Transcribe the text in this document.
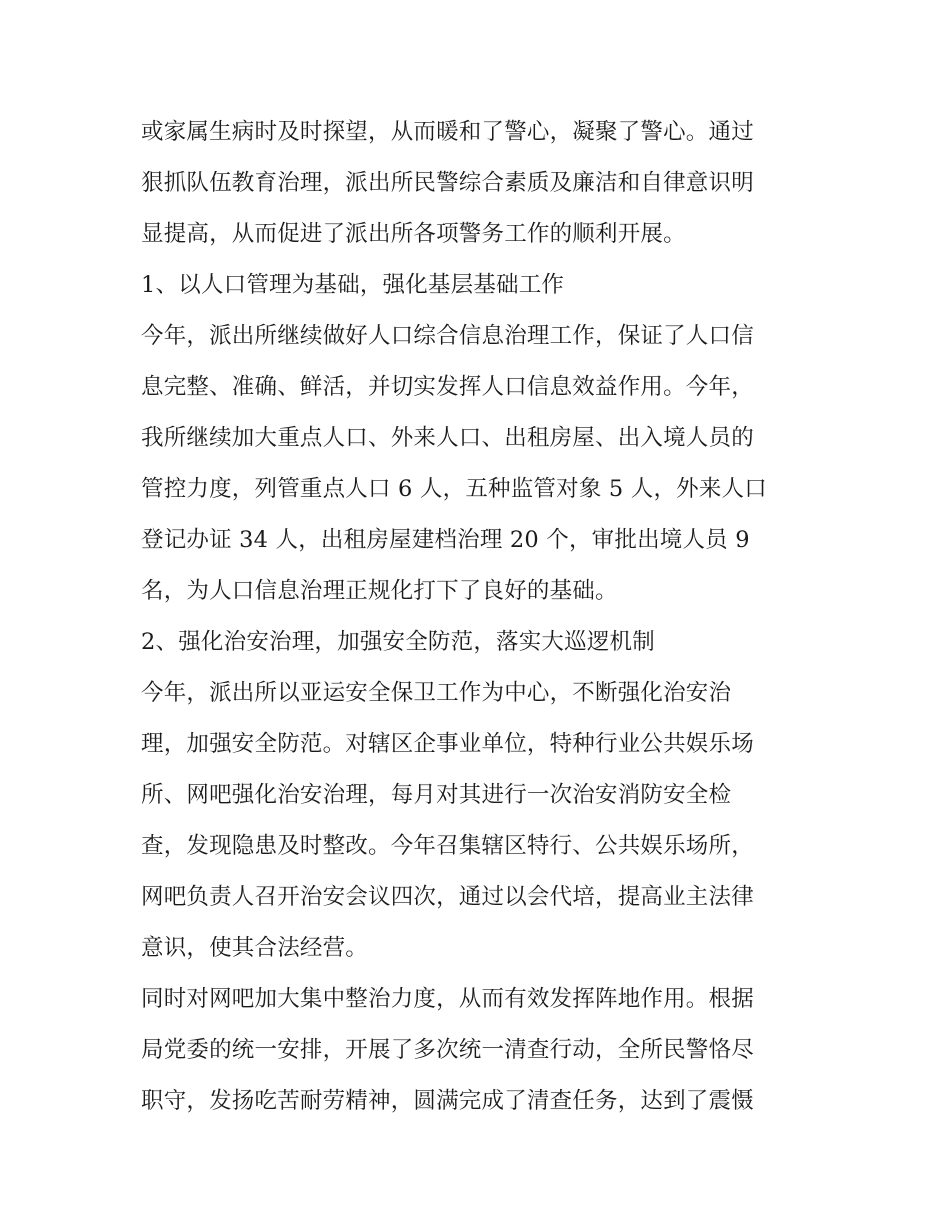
或家属生病时及时探望，从而暖和了警心，凝聚了警心。通过
狠抓队伍教育治理，派出所民警综合素质及廉洁和自律意识明
显提高，从而促进了派出所各项警务工作的顺利开展。
1、以人口管理为基础，强化基层基础工作
今年，派出所继续做好人口综合信息治理工作，保证了人口信
息完整、准确、鲜活，并切实发挥人口信息效益作用。今年，
我所继续加大重点人口、外来人口、出租房屋、出入境人员的
管控力度，列管重点人口 6 人，五种监管对象 5 人，外来人口
登记办证 34 人，出租房屋建档治理 20 个，审批出境人员 9
名，为人口信息治理正规化打下了良好的基础。
2、强化治安治理，加强安全防范，落实大巡逻机制
今年，派出所以亚运安全保卫工作为中心，不断强化治安治
理，加强安全防范。对辖区企事业单位，特种行业公共娱乐场
所、网吧强化治安治理，每月对其进行一次治安消防安全检
查，发现隐患及时整改。今年召集辖区特行、公共娱乐场所，
网吧负责人召开治安会议四次，通过以会代培，提高业主法律
意识，使其合法经营。
同时对网吧加大集中整治力度，从而有效发挥阵地作用。根据
局党委的统一安排，开展了多次统一清查行动，全所民警恪尽
职守，发扬吃苦耐劳精神，圆满完成了清查任务，达到了震慑
